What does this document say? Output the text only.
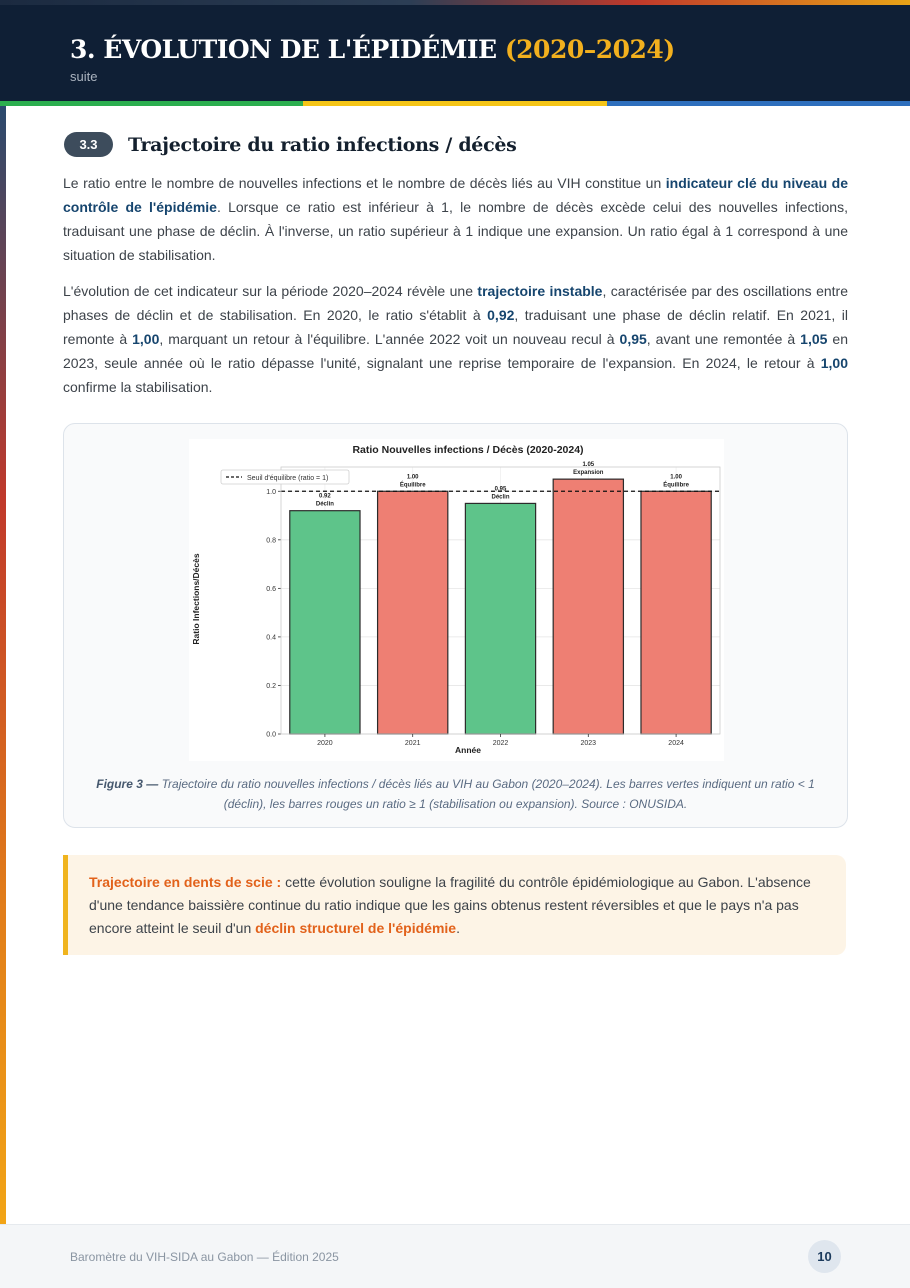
3. ÉVOLUTION DE L'ÉPIDÉMIE (2020–2024)
suite
3.3	Trajectoire du ratio infections / décès

Le ratio entre le nombre de nouvelles infections et le nombre de décès liés au VIH constitue un indicateur clé du niveau de contrôle de l'épidémie. Lorsque ce ratio est inférieur à 1, le nombre de décès excède celui des nouvelles infections, traduisant une phase de déclin. À l'inverse, un ratio supérieur à 1 indique une expansion. Un ratio égal à 1 correspond à une situation de stabilisation.

L'évolution de cet indicateur sur la période 2020–2024 révèle une trajectoire instable, caractérisée par des oscillations entre phases de déclin et de stabilisation. En 2020, le ratio s'établit à 0,92, traduisant une phase de déclin relatif. En 2021, il remonte à 1,00, marquant un retour à l'équilibre. L'année 2022 voit un nouveau recul à 0,95, avant une remontée à 1,05 en 2023, seule année où le ratio dépasse l'unité, signalant une reprise temporaire de l'expansion. En 2024, le retour à 1,00 confirme la stabilisation.

Ratio Nouvelles infections / Décès (2020-2024)
0.92
Déclin
1.00
Équilibre
0.95
Déclin
1.05
Expansion
1.00
Équilibre
0.0
0.2
0.4
0.6
0.8
1.0
2020	2021	2022	2023	2024
Seuil d'équilibre (ratio = 1)
Année
Ratio Infections/Décès
Figure 3 — Trajectoire du ratio nouvelles infections / décès liés au VIH au Gabon (2020–2024). Les barres vertes indiquent un ratio < 1 (déclin), les barres rouges un ratio ≥ 1 (stabilisation ou expansion). Source : ONUSIDA.

Trajectoire en dents de scie : cette évolution souligne la fragilité du contrôle épidémiologique au Gabon. L'absence d'une tendance baissière continue du ratio indique que les gains obtenus restent réversibles et que le pays n'a pas encore atteint le seuil d'un déclin structurel de l'épidémie.

Baromètre du VIH-SIDA au Gabon — Édition 2025	10
